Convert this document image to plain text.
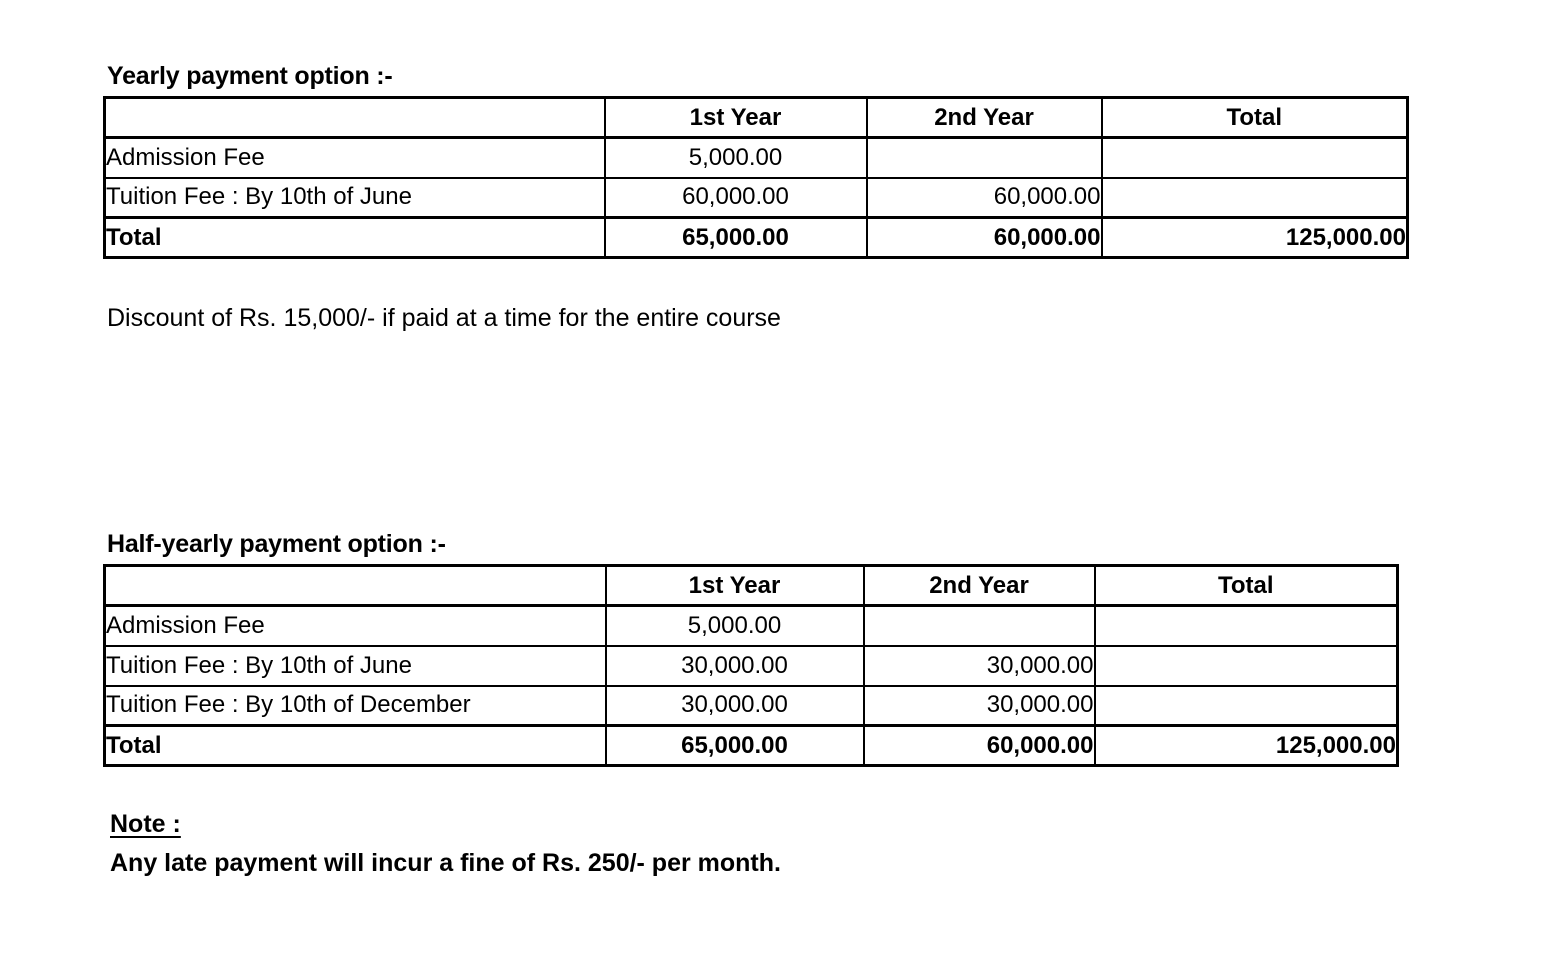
Yearly payment option :-
	1st Year	2nd Year	Total
Admission Fee	5,000.00		
Tuition Fee : By 10th of June	60,000.00	60,000.00	
Total	65,000.00	60,000.00	125,000.00
Discount of Rs. 15,000/- if paid at a time for the entire course
Half-yearly payment option :-
	1st Year	2nd Year	Total
Admission Fee	5,000.00		
Tuition Fee : By 10th of June	30,000.00	30,000.00	
Tuition Fee : By 10th of December	30,000.00	30,000.00	
Total	65,000.00	60,000.00	125,000.00
Note :
Any late payment will incur a fine of Rs. 250/- per month.
